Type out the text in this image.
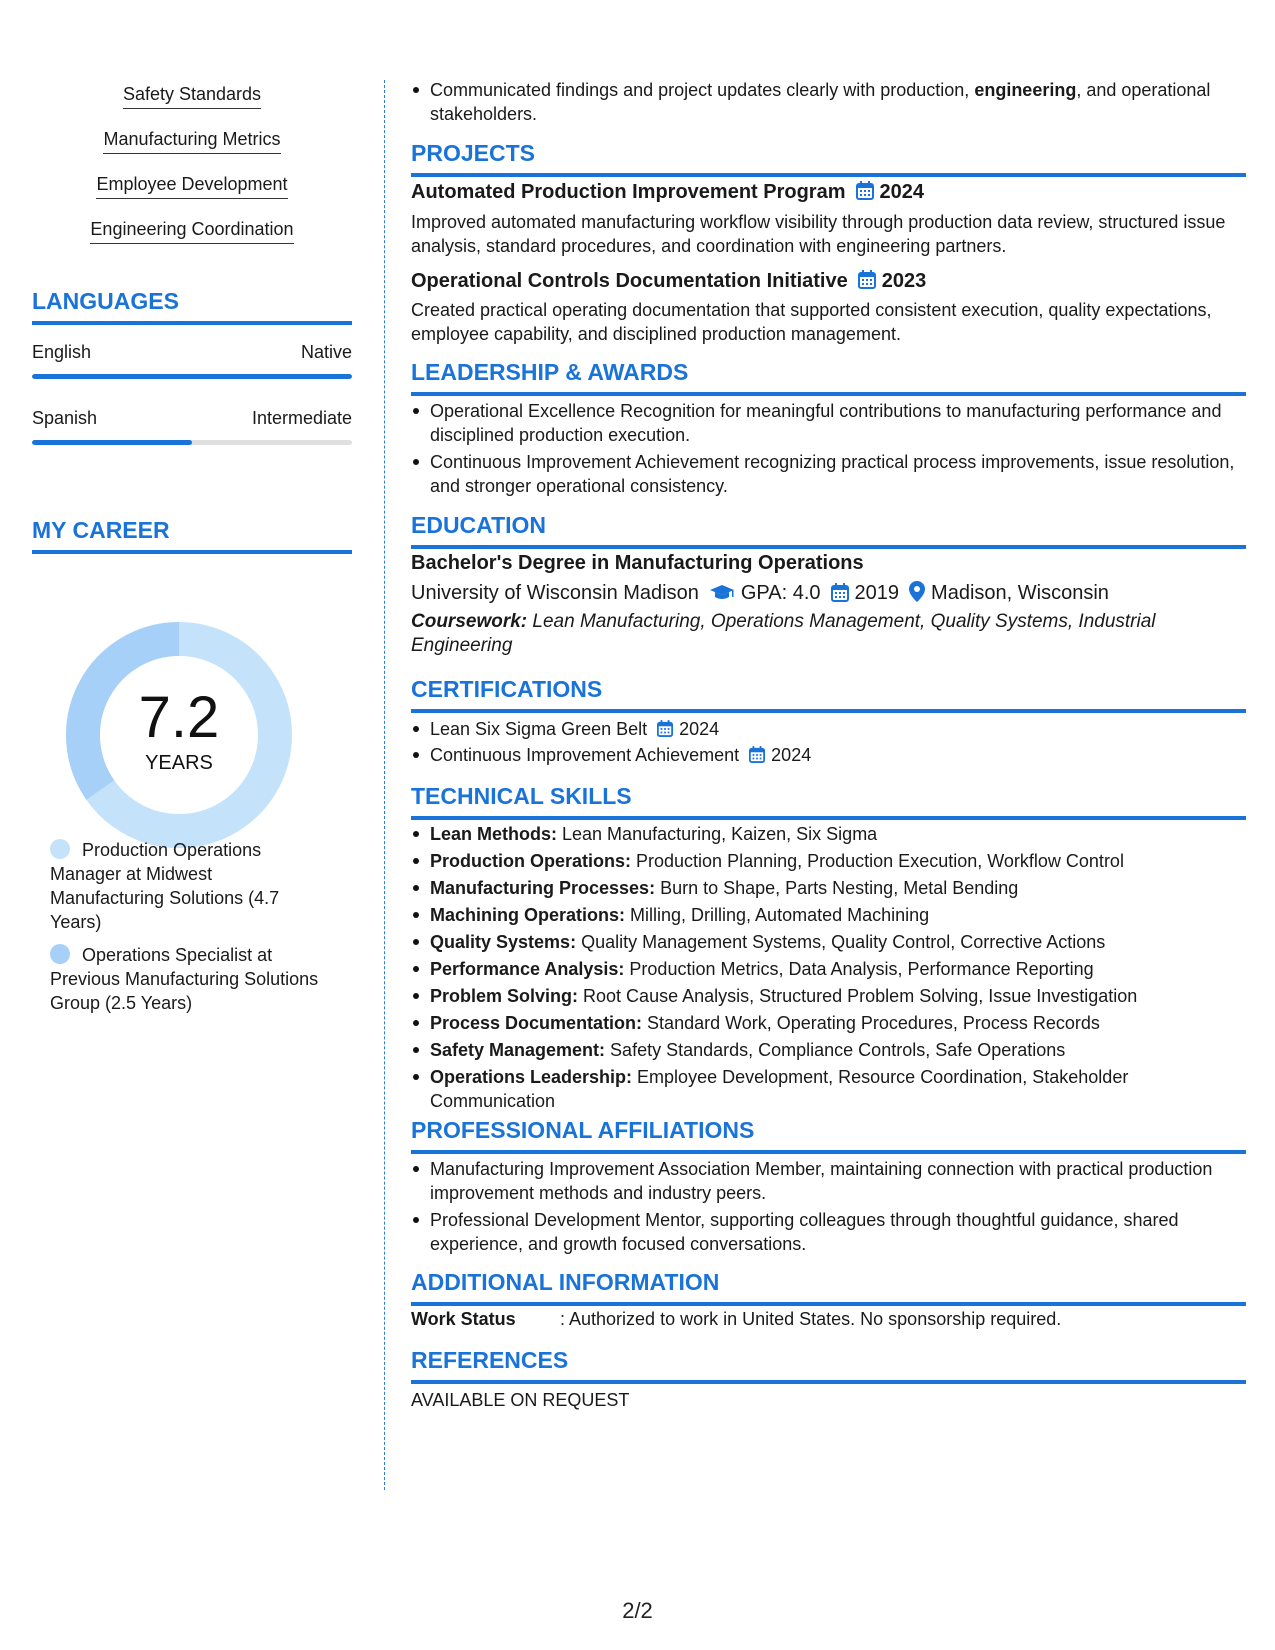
Safety Standards
Manufacturing Metrics
Employee Development
Engineering Coordination
LANGUAGES
English	Native
Spanish	Intermediate
MY CAREER
7.2
YEARS
Production Operations Manager at Midwest Manufacturing Solutions (4.7 Years)
Operations Specialist at Previous Manufacturing Solutions Group (2.5 Years)
Communicated findings and project updates clearly with production, engineering, and operational stakeholders.
PROJECTS
Automated Production Improvement Program 2024
Improved automated manufacturing workflow visibility through production data review, structured issue analysis, standard procedures, and coordination with engineering partners.
Operational Controls Documentation Initiative 2023
Created practical operating documentation that supported consistent execution, quality expectations, employee capability, and disciplined production management.
LEADERSHIP & AWARDS
Operational Excellence Recognition for meaningful contributions to manufacturing performance and disciplined production execution.
Continuous Improvement Achievement recognizing practical process improvements, issue resolution, and stronger operational consistency.
EDUCATION
Bachelor's Degree in Manufacturing Operations
University of Wisconsin Madison GPA: 4.0 2019 Madison, Wisconsin
Coursework: Lean Manufacturing, Operations Management, Quality Systems, Industrial Engineering
CERTIFICATIONS
Lean Six Sigma Green Belt 2024
Continuous Improvement Achievement 2024
TECHNICAL SKILLS
Lean Methods: Lean Manufacturing, Kaizen, Six Sigma
Production Operations: Production Planning, Production Execution, Workflow Control
Manufacturing Processes: Burn to Shape, Parts Nesting, Metal Bending
Machining Operations: Milling, Drilling, Automated Machining
Quality Systems: Quality Management Systems, Quality Control, Corrective Actions
Performance Analysis: Production Metrics, Data Analysis, Performance Reporting
Problem Solving: Root Cause Analysis, Structured Problem Solving, Issue Investigation
Process Documentation: Standard Work, Operating Procedures, Process Records
Safety Management: Safety Standards, Compliance Controls, Safe Operations
Operations Leadership: Employee Development, Resource Coordination, Stakeholder Communication
PROFESSIONAL AFFILIATIONS
Manufacturing Improvement Association Member, maintaining connection with practical production improvement methods and industry peers.
Professional Development Mentor, supporting colleagues through thoughtful guidance, shared experience, and growth focused conversations.
ADDITIONAL INFORMATION
Work Status : Authorized to work in United States. No sponsorship required.
REFERENCES
AVAILABLE ON REQUEST
2/2
